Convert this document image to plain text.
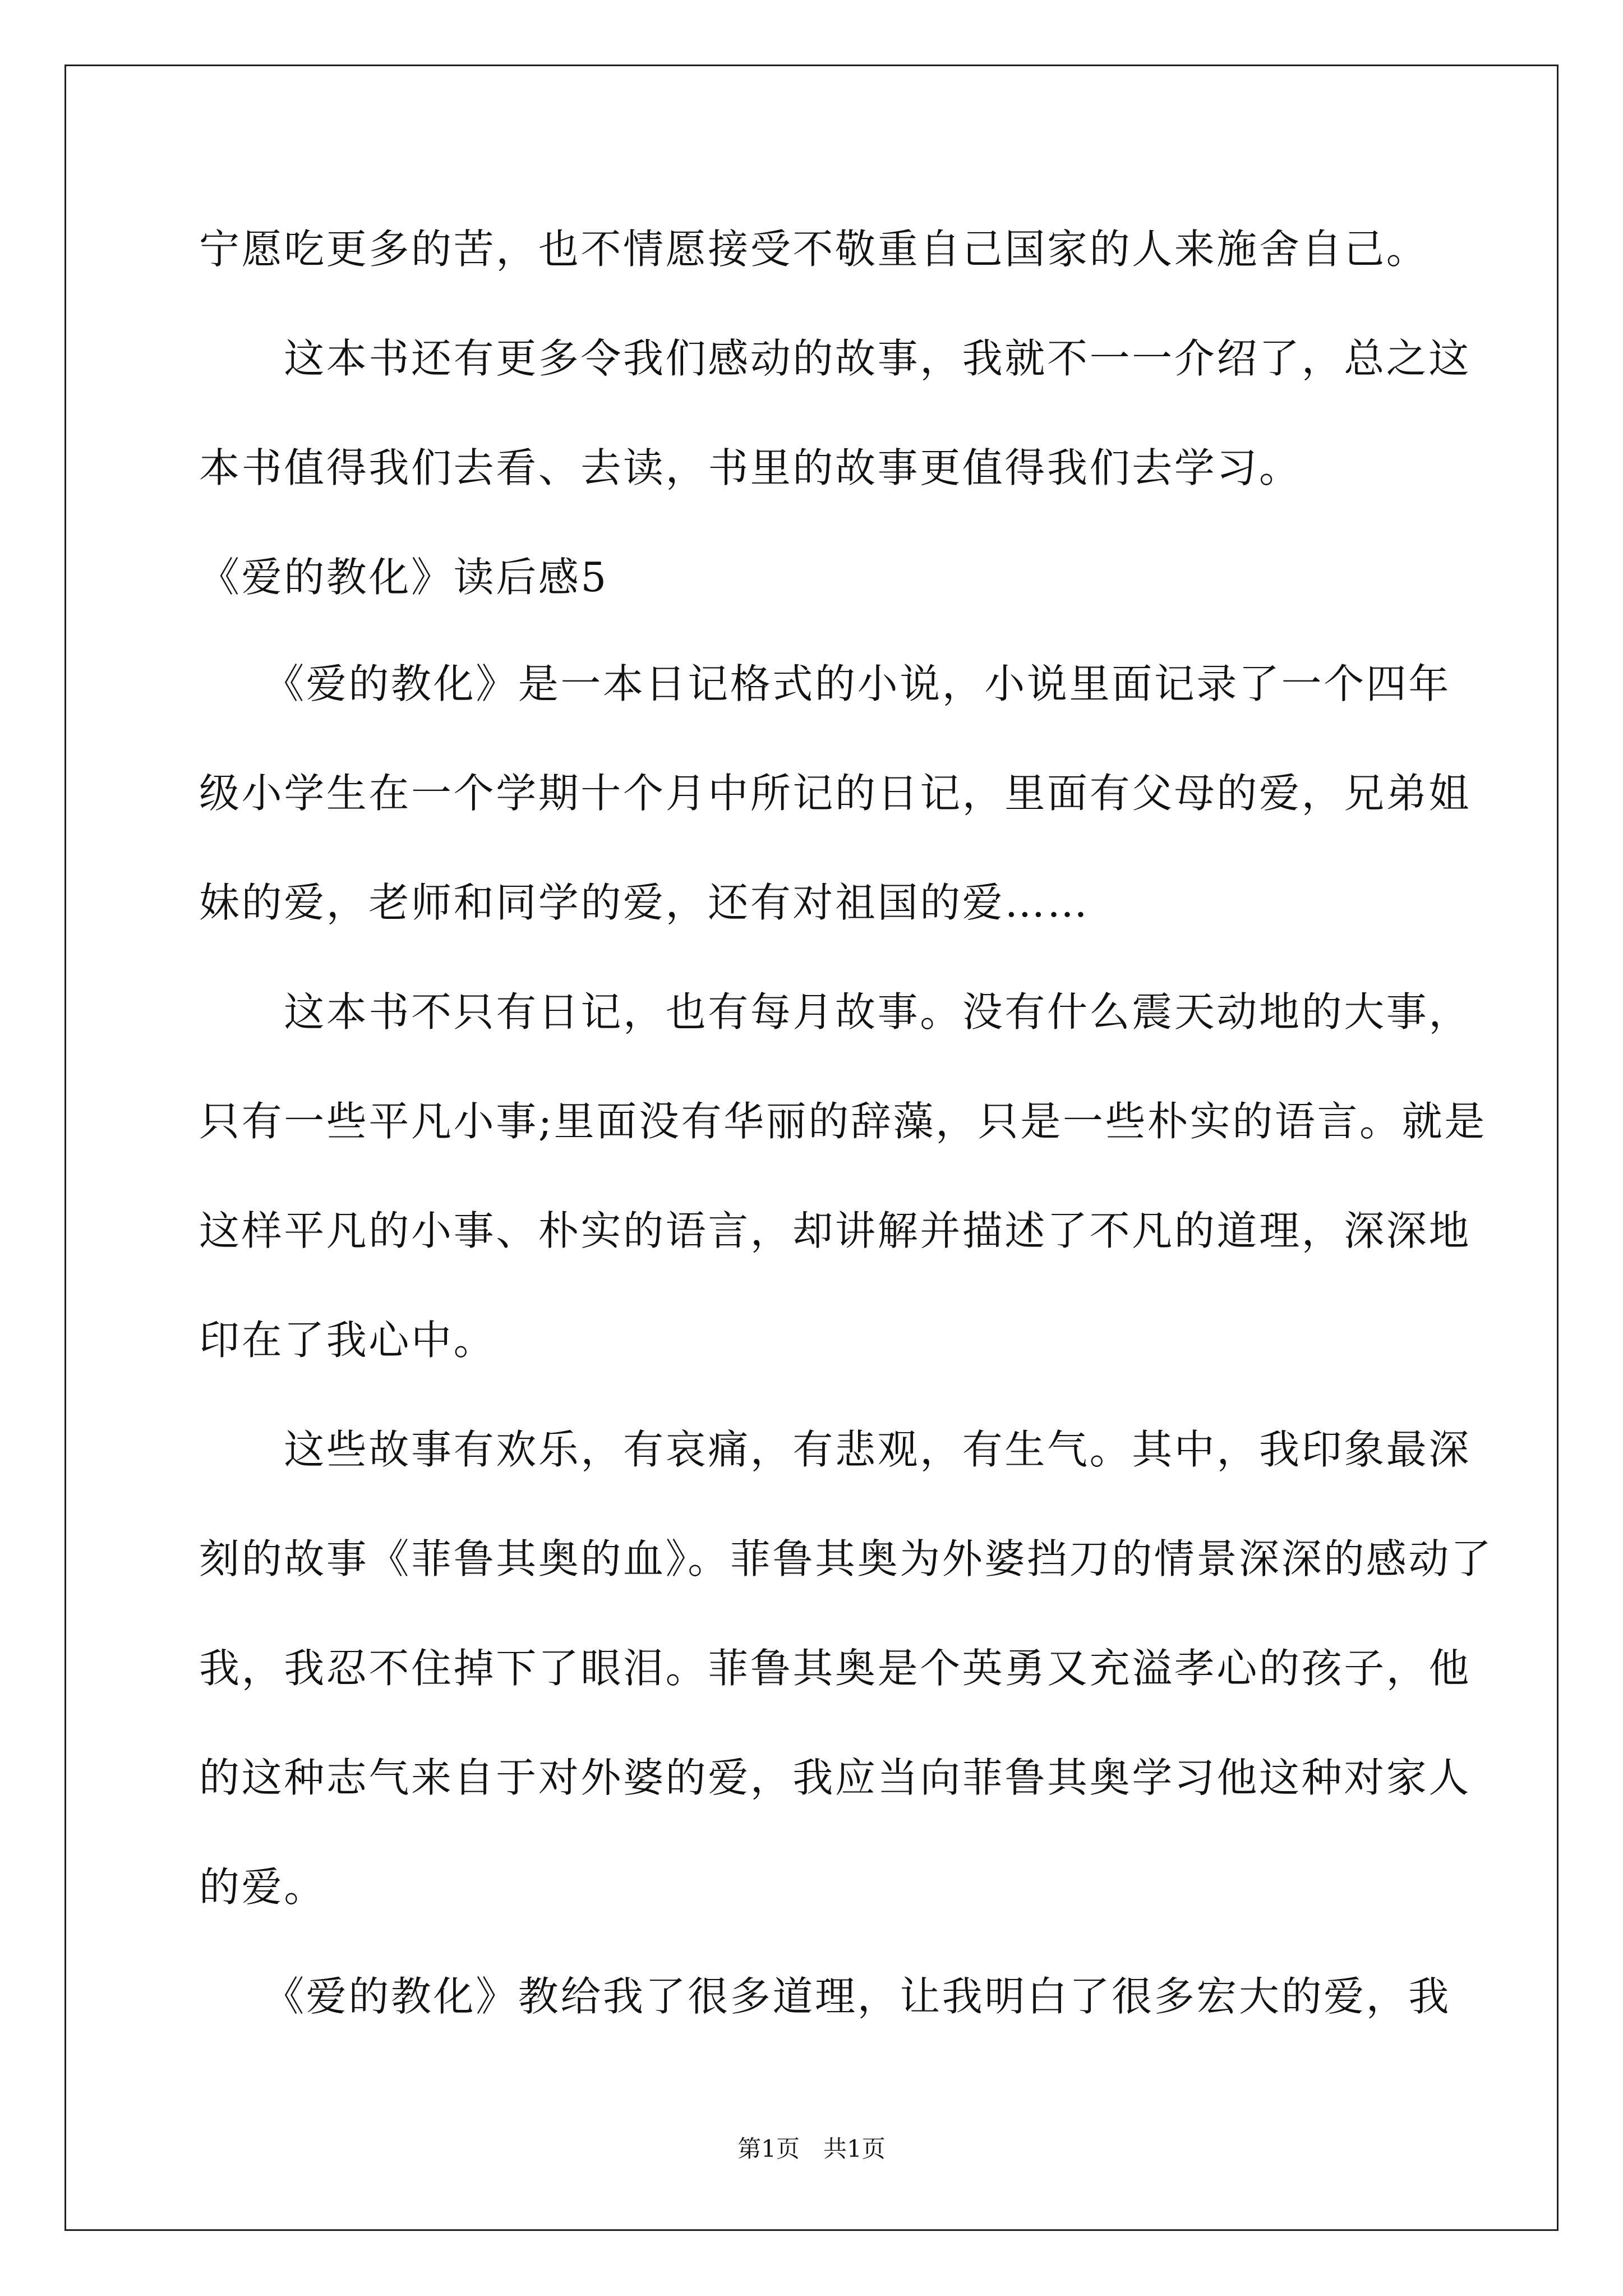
宁愿吃更多的苦，也不情愿接受不敬重自己国家的人来施舍自己。
　　这本书还有更多令我们感动的故事，我就不一一介绍了，总之这
本书值得我们去看、去读，书里的故事更值得我们去学习。
《爱的教化》读后感5
　　《爱的教化》是一本日记格式的小说，小说里面记录了一个四年
级小学生在一个学期十个月中所记的日记，里面有父母的爱，兄弟姐
妹的爱，老师和同学的爱，还有对祖国的爱……
　　这本书不只有日记，也有每月故事。没有什么震天动地的大事，
只有一些平凡小事;里面没有华丽的辞藻，只是一些朴实的语言。就是
这样平凡的小事、朴实的语言，却讲解并描述了不凡的道理，深深地
印在了我心中。
　　这些故事有欢乐，有哀痛，有悲观，有生气。其中，我印象最深
刻的故事《菲鲁其奥的血》。菲鲁其奥为外婆挡刀的情景深深的感动了
我，我忍不住掉下了眼泪。菲鲁其奥是个英勇又充溢孝心的孩子，他
的这种志气来自于对外婆的爱，我应当向菲鲁其奥学习他这种对家人
的爱。
　　《爱的教化》教给我了很多道理，让我明白了很多宏大的爱，我
第1页　共1页
